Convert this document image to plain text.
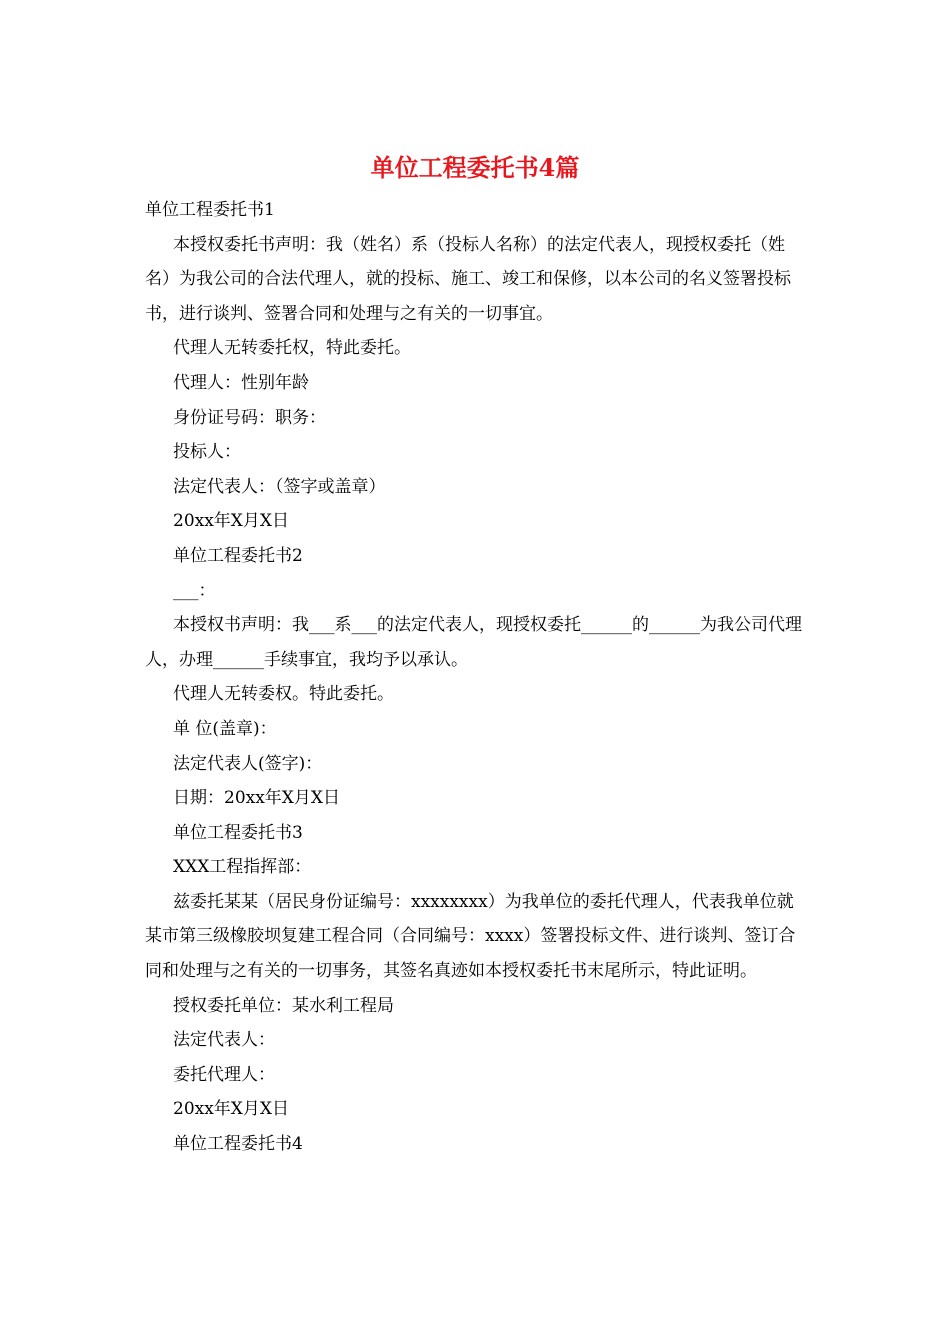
单位工程委托书4篇

单位工程委托书1

本授权委托书声明：我（姓名）系（投标人名称）的法定代表人，现授权委托（姓名）为我公司的合法代理人，就的投标、施工、竣工和保修，以本公司的名义签署投标书，进行谈判、签署合同和处理与之有关的一切事宜。

代理人无转委托权，特此委托。

代理人：性别年龄

身份证号码：职务：

投标人：

法定代表人：（签字或盖章）

20xx年X月X日

单位工程委托书2

___：

本授权书声明：我___系___的法定代表人，现授权委托______的______为我公司代理人，办理______手续事宜，我均予以承认。

代理人无转委权。特此委托。

单 位(盖章)：

法定代表人(签字)：

日期：20xx年X月X日

单位工程委托书3

XXX工程指挥部：

兹委托某某（居民身份证编号：xxxxxxxx）为我单位的委托代理人，代表我单位就某市第三级橡胶坝复建工程合同（合同编号：xxxx）签署投标文件、进行谈判、签订合同和处理与之有关的一切事务，其签名真迹如本授权委托书末尾所示，特此证明。

授权委托单位：某水利工程局

法定代表人：

委托代理人：

20xx年X月X日

单位工程委托书4
